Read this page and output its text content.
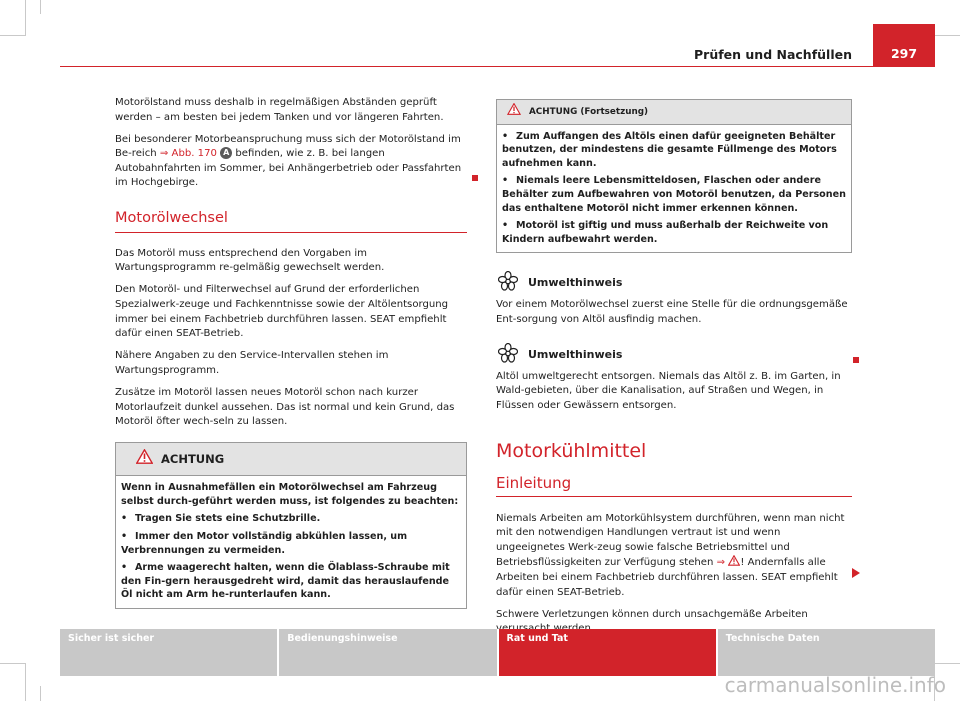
Prüfen und Nachfüllen	297

Motorölstand muss deshalb in regelmäßigen Abständen geprüft werden – am besten bei jedem Tanken und vor längeren Fahrten.

Bei besonderer Motorbeanspruchung muss sich der Motorölstand im Be-reich ⇒ Abb. 170 A befinden, wie z. B. bei langen Autobahnfahrten im Sommer, bei Anhängerbetrieb oder Passfahrten im Hochgebirge.

Motorölwechsel

Das Motoröl muss entsprechend den Vorgaben im Wartungsprogramm re-gelmäßig gewechselt werden.

Den Motoröl- und Filterwechsel auf Grund der erforderlichen Spezialwerk-zeuge und Fachkenntnisse sowie der Altölentsorgung immer bei einem Fachbetrieb durchführen lassen. SEAT empfiehlt dafür einen SEAT-Betrieb.

Nähere Angaben zu den Service-Intervallen stehen im Wartungsprogramm.

Zusätze im Motoröl lassen neues Motoröl schon nach kurzer Motorlaufzeit dunkel aussehen. Das ist normal und kein Grund, das Motoröl öfter wech-seln zu lassen.

ACHTUNG
Wenn in Ausnahmefällen ein Motorölwechsel am Fahrzeug selbst durch-geführt werden muss, ist folgendes zu beachten:
• Tragen Sie stets eine Schutzbrille.
• Immer den Motor vollständig abkühlen lassen, um Verbrennungen zu vermeiden.
• Arme waagerecht halten, wenn die Ölablass-Schraube mit den Fin-gern herausgedreht wird, damit das herauslaufende Öl nicht am Arm he-runterlaufen kann.
ACHTUNG (Fortsetzung)
• Zum Auffangen des Altöls einen dafür geeigneten Behälter benutzen, der mindestens die gesamte Füllmenge des Motors aufnehmen kann.
• Niemals leere Lebensmitteldosen, Flaschen oder andere Behälter zum Aufbewahren von Motoröl benutzen, da Personen das enthaltene Motoröl nicht immer erkennen können.
• Motoröl ist giftig und muss außerhalb der Reichweite von Kindern aufbewahrt werden.
Umwelthinweis

Vor einem Motorölwechsel zuerst eine Stelle für die ordnungsgemäße Ent-sorgung von Altöl ausfindig machen.

Umwelthinweis

Altöl umweltgerecht entsorgen. Niemals das Altöl z. B. im Garten, in Wald-gebieten, über die Kanalisation, auf Straßen und Wegen, in Flüssen oder Gewässern entsorgen.

Motorkühlmittel
Einleitung

Niemals Arbeiten am Motorkühlsystem durchführen, wenn man nicht mit den notwendigen Handlungen vertraut ist und wenn ungeeignetes Werk-zeug sowie falsche Betriebsmittel und Betriebsflüssigkeiten zur Verfügung stehen ⇒ ! Andernfalls alle Arbeiten bei einem Fachbetrieb durchführen lassen. SEAT empfiehlt dafür einen SEAT-Betrieb.

Schwere Verletzungen können durch unsachgemäße Arbeiten

Sicher ist sicher	Bedienungshinweise	Rat und Tat	Technische Daten
carmanualsonline.info
